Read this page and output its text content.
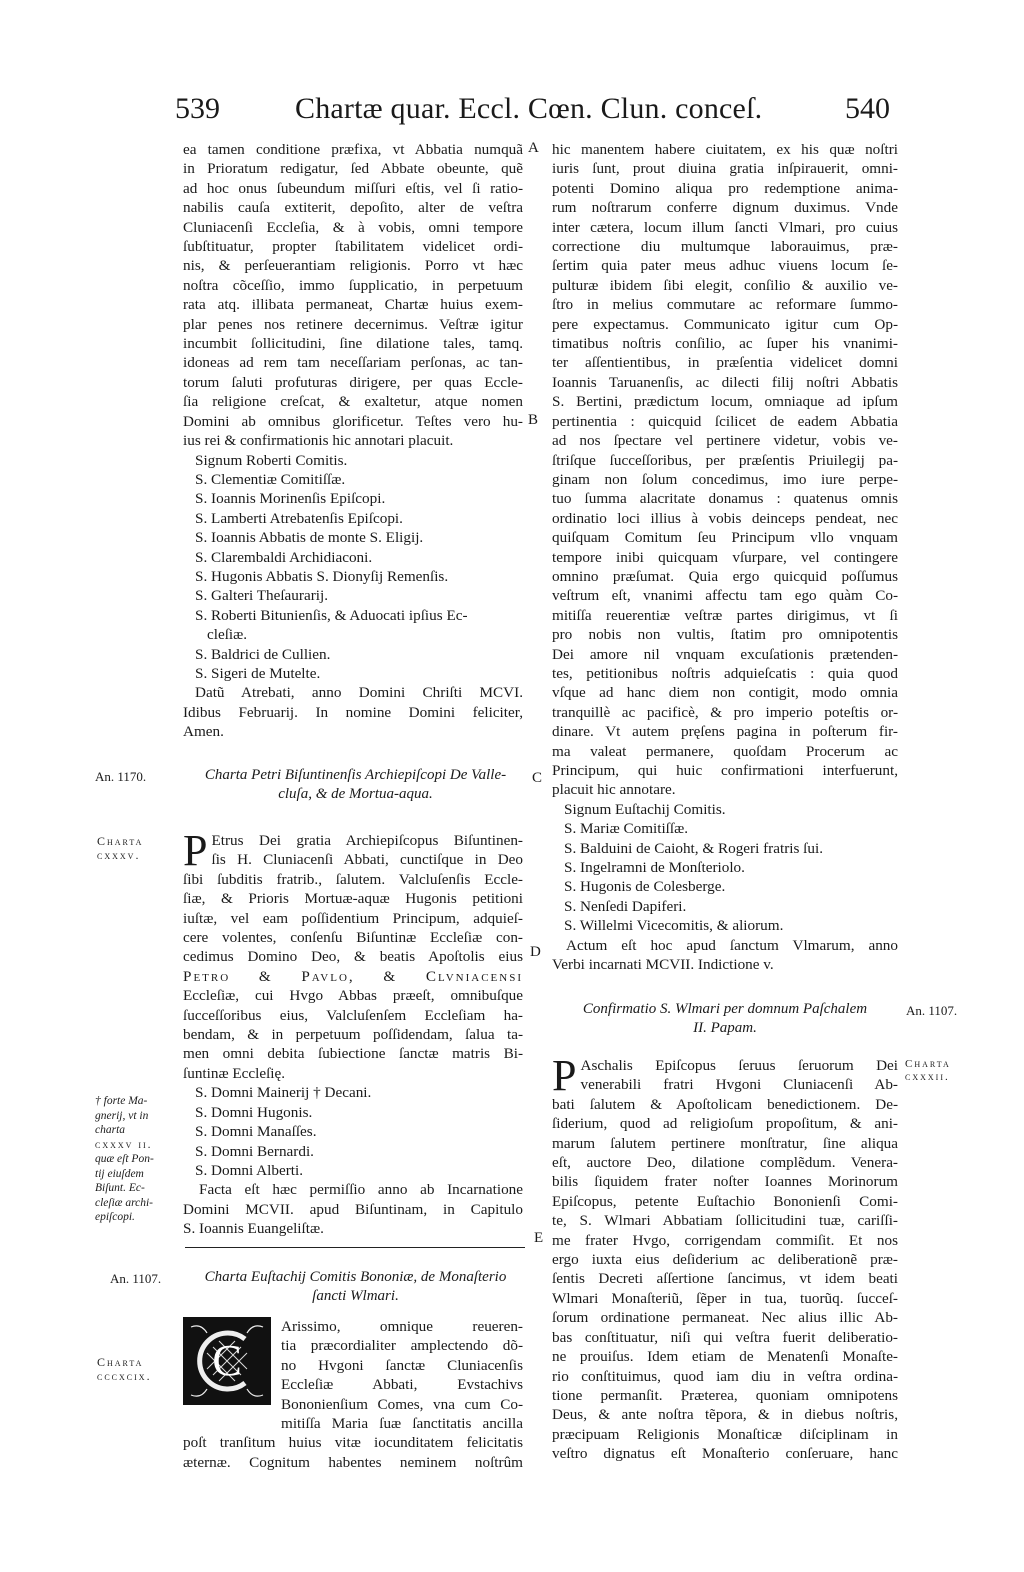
539	Chartæ quar. Eccl. Cœn. Clun. conceſ.	540
A
B
C
D
E
ea tamen conditione præfixa, vt Abbatia numquã
in Prioratum redigatur, ſed Abbate obeunte, quẽ
ad hoc onus ſubeundum miſſuri eſtis, vel ſi ratio-
nabilis cauſa extiterit, depoſito, alter de veſtra
Cluniacenſi Eccleſia, & à vobis, omni tempore
ſubſtituatur, propter ſtabilitatem videlicet ordi-
nis, & perſeuerantiam religionis. Porro vt hæc
noſtra cõceſſio, immo ſupplicatio, in perpetuum
rata atq. illibata permaneat, Chartæ huius exem-
plar penes nos retinere decernimus. Veſtræ igitur
incumbit ſollicitudini, ſine dilatione tales, tamq.
idoneas ad rem tam neceſſariam perſonas, ac tan-
torum ſaluti profuturas dirigere, per quas Eccle-
ſia religione creſcat, & exaltetur, atque nomen
Domini ab omnibus glorificetur. Teſtes vero hu-
ius rei & confirmationis hic annotari placuit.
Signum Roberti Comitis.
S. Clementiæ Comitiſſæ.
S. Ioannis Morinenſis Epiſcopi.
S. Lamberti Atrebatenſis Epiſcopi.
S. Ioannis Abbatis de monte S. Eligij.
S. Clarembaldi Archidiaconi.
S. Hugonis Abbatis S. Dionyſij Remenſis.
S. Galteri Theſaurarij.
S. Roberti Bitunienſis, & Aduocati ipſius Ec-
cleſiæ.
S. Baldrici de Cullien.
S. Sigeri de Mutelte.
Datũ Atrebati, anno Domini Chriſti MCVI.
Idibus Februarij. In nomine Domini feliciter,
Amen.
An. 1170.	Charta Petri Biſuntinenſis Archiepiſcopi De Valle-
cluſa, & de Mortua-aqua.
Charta
cxxxv. P Etrus Dei gratia Archiepiſcopus Biſuntinen-
ſis H. Cluniacenſi Abbati, cunctiſque in Deo
ſibi ſubditis fratrib., ſalutem. Valcluſenſis Eccle-
ſiæ, & Prioris Mortuæ-aquæ Hugonis petitioni
iuſtæ, vel eam poſſidentium Principum, adquieſ-
cere volentes, conſenſu Biſuntinæ Eccleſiæ con-
cedimus Domino Deo, & beatis Apoſtolis eius
Petro & Pavlo, & Clvniacensi
Eccleſiæ, cui Hvgo Abbas præeſt, omnibuſque
ſucceſſoribus eius, Valcluſenſem Eccleſiam ha-
bendam, & in perpetuum poſſidendam, ſalua ta-
men omni debita ſubiectione ſanctæ matris Bi-
ſuntinæ Eccleſię.
S. Domni Mainerij † Decani.
S. Domni Hugonis.
S. Domni Manaſſes.
S. Domni Bernardi.
S. Domni Alberti.
Facta eſt hæc permiſſio anno ab Incarnatione
Domini MCVII. apud Biſuntinam, in Capitulo
S. Ioannis Euangeliſtæ.
† forte Ma-
gnerij, vt in
charta
cxxxv ii.
quæ eſt Pon-
tij eiuſdem
Biſunt. Ec-
cleſiæ archi-
epiſcopi.
An. 1107.	Charta Euſtachij Comitis Bononiæ, de Monaſterio
ſancti Wlmari.
Charta
cccxcix. C
Arissimo, omnique reueren-
tia præcordialiter amplectendo dõ-
no Hvgoni ſanctæ Cluniacenſis
Eccleſiæ Abbati, Evstachivs
Bononienſium Comes, vna cum Co-
mitiſſa Maria ſuæ ſanctitatis ancilla
poſt tranſitum huius vitæ iocunditatem felicitatis
æternæ. Cognitum habentes neminem noſtrûm
hic manentem habere ciuitatem, ex his quæ noſtri
iuris ſunt, prout diuina gratia inſpirauerit, omni-
potenti Domino aliqua pro redemptione anima-
rum noſtrarum conferre dignum duximus. Vnde
inter cætera, locum illum ſancti Vlmari, pro cuius
correctione diu multumque laborauimus, præ-
ſertim quia pater meus adhuc viuens locum ſe-
pulturæ ibidem ſibi elegit, conſilio & auxilio ve-
ſtro in melius commutare ac reformare ſummo-
pere expectamus. Communicato igitur cum Op-
timatibus noſtris conſilio, ac ſuper his vnanimi-
ter aſſentientibus, in præſentia videlicet domni
Ioannis Taruanenſis, ac dilecti filij noſtri Abbatis
S. Bertini, prædictum locum, omniaque ad ipſum
pertinentia : quicquid ſcilicet de eadem Abbatia
ad nos ſpectare vel pertinere videtur, vobis ve-
ſtriſque ſucceſſoribus, per præſentis Priuilegij pa-
ginam non ſolum concedimus, imo iure perpe-
tuo ſumma alacritate donamus : quatenus omnis
ordinatio loci illius à vobis deinceps pendeat, nec
quiſquam Comitum ſeu Principum vllo vnquam
tempore inibi quicquam vſurpare, vel contingere
omnino præſumat. Quia ergo quicquid poſſumus
veſtrum eſt, vnanimi affectu tam ego quàm Co-
mitiſſa reuerentiæ veſtræ partes dirigimus, vt ſi
pro nobis non vultis, ſtatim pro omnipotentis
Dei amore nil vnquam excuſationis prætenden-
tes, petitionibus noſtris adquieſcatis : quia quod
vſque ad hanc diem non contigit, modo omnia
tranquillè ac pacificè, & pro imperio poteſtis or-
dinare. Vt autem pręſens pagina in poſterum fir-
ma valeat permanere, quoſdam Procerum ac
Principum, qui huic confirmationi interfuerunt,
placuit hic annotare.
Signum Euſtachij Comitis.
S. Mariæ Comitiſſæ.
S. Balduini de Caioht, & Rogeri fratris ſui.
S. Ingelramni de Monſteriolo.
S. Hugonis de Colesberge.
S. Nenſedi Dapiferi.
S. Willelmi Vicecomitis, & aliorum.
Actum eſt hoc apud ſanctum Vlmarum, anno
Verbi incarnati MCVII. Indictione v.
Confirmatio S. Wlmari per domnum Paſchalem
II. Papam.
An. 1107.
Charta
cxxxii.
P Aschalis Epiſcopus ſeruus ſeruorum Dei
venerabili fratri Hvgoni Cluniacenſi Ab-
bati ſalutem & Apoſtolicam benedictionem. De-
ſiderium, quod ad religioſum propoſitum, & ani-
marum ſalutem pertinere monſtratur, ſine aliqua
eſt, auctore Deo, dilatione complẽdum. Venera-
bilis ſiquidem frater noſter Ioannes Morinorum
Epiſcopus, petente Euſtachio Bononienſi Comi-
te, S. Wlmari Abbatiam ſollicitudini tuæ, cariſſi-
me frater Hvgo, corrigendam commiſit. Et nos
ergo iuxta eius deſiderium ac deliberationẽ præ-
ſentis Decreti aſſertione ſancimus, vt idem beati
Wlmari Monaſteriũ, ſẽper in tua, tuorũq. ſucceſ-
ſorum ordinatione permaneat. Nec alius illic Ab-
bas conſtituatur, niſi qui veſtra fuerit deliberatio-
ne prouiſus. Idem etiam de Menatenſi Monaſte-
rio conſtituimus, quod iam diu in veſtra ordina-
tione permanſit. Præterea, quoniam omnipotens
Deus, & ante noſtra tẽpora, & in diebus noſtris,
præcipuam Religionis Monaſticæ diſciplinam in
veſtro dignatus eſt Monaſterio conſeruare, hanc
